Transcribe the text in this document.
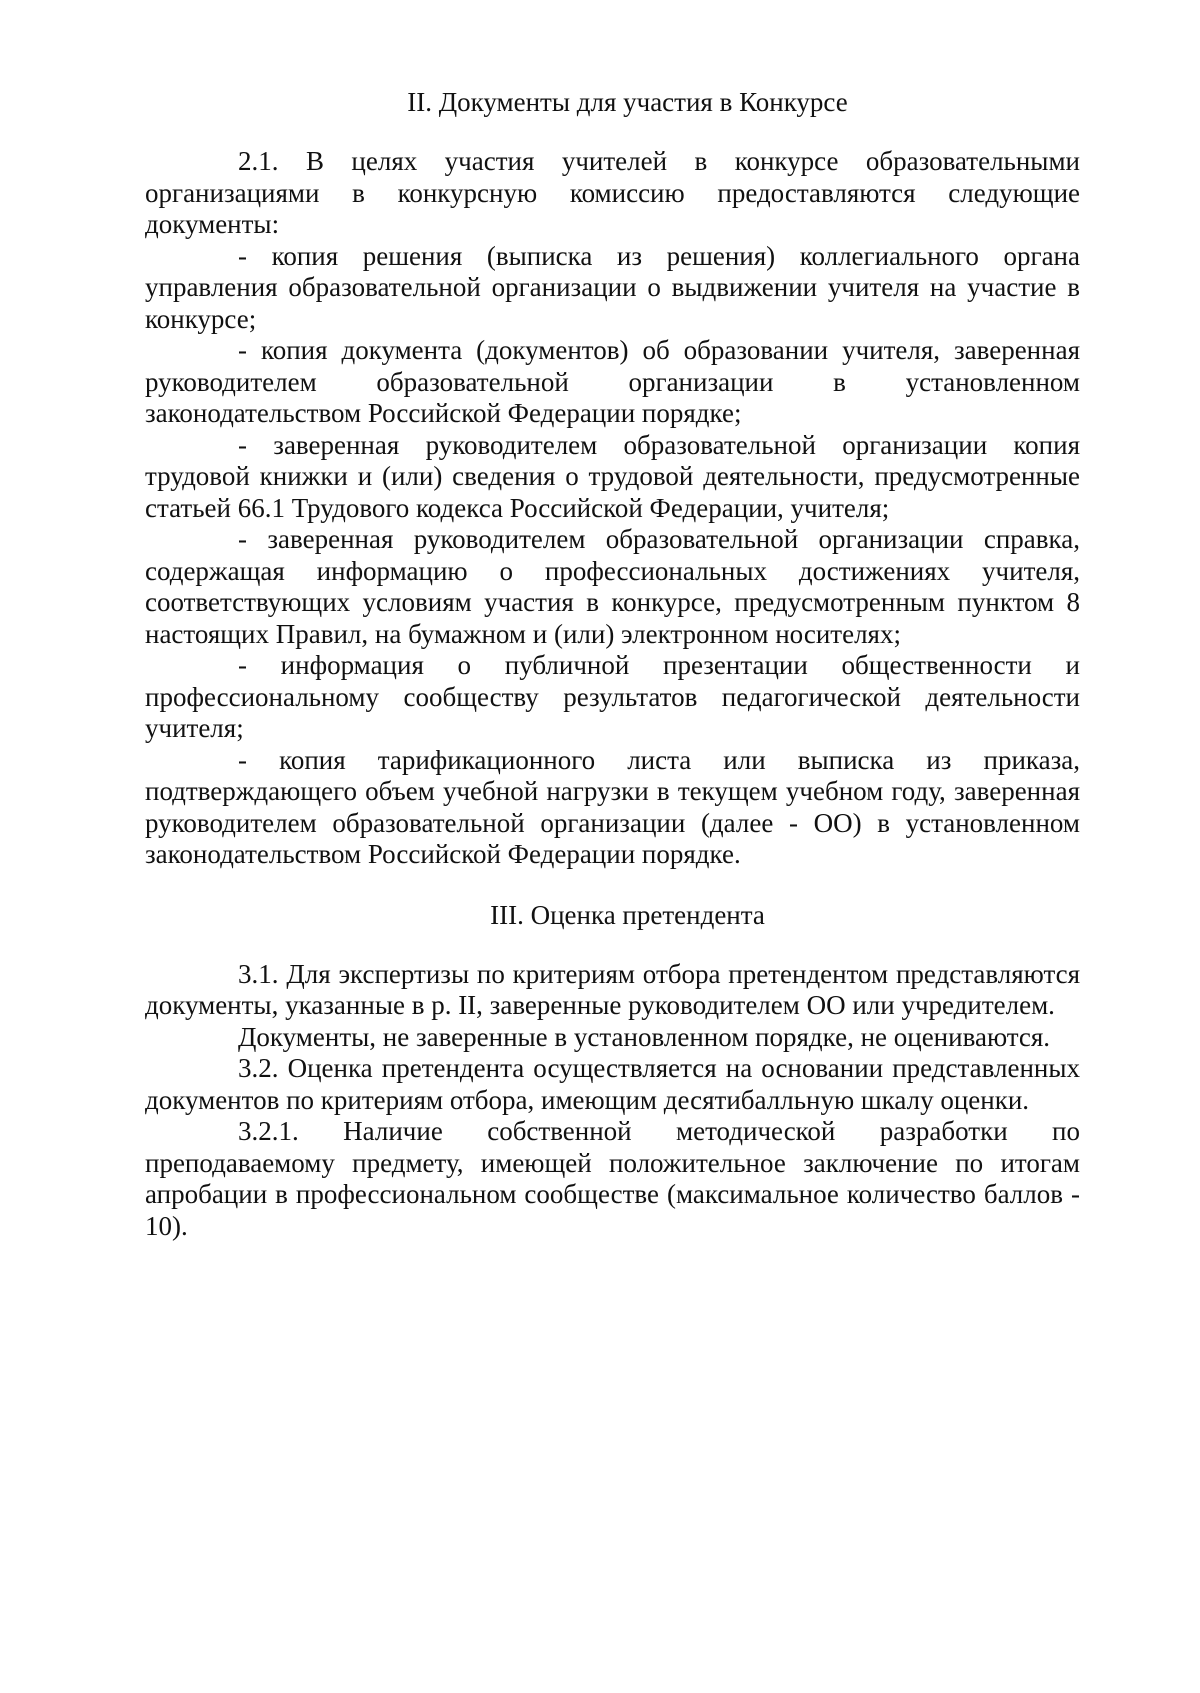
II. Документы для участия в Конкурсе

2.1. В целях участия учителей в конкурсе образовательными организациями в конкурсную комиссию предоставляются следующие документы:

- копия решения (выписка из решения) коллегиального органа управления образовательной организации о выдвижении учителя на участие в конкурсе;

- копия документа (документов) об образовании учителя, заверенная руководителем образовательной организации в установленном законодательством Российской Федерации порядке;

- заверенная руководителем образовательной организации копия трудовой книжки и (или) сведения о трудовой деятельности, предусмотренные статьей 66.1 Трудового кодекса Российской Федерации, учителя;

- заверенная руководителем образовательной организации справка, содержащая информацию о профессиональных достижениях учителя, соответствующих условиям участия в конкурсе, предусмотренным пунктом 8 настоящих Правил, на бумажном и (или) электронном носителях;

- информация о публичной презентации общественности и профессиональному сообществу результатов педагогической деятельности учителя;

- копия тарификационного листа или выписка из приказа, подтверждающего объем учебной нагрузки в текущем учебном году, заверенная руководителем образовательной организации (далее - ОО) в установленном законодательством Российской Федерации порядке.

III. Оценка претендента

3.1. Для экспертизы по критериям отбора претендентом представляются документы, указанные в р. II, заверенные руководителем ОО или учредителем.

Документы, не заверенные в установленном порядке, не оцениваются.

3.2. Оценка претендента осуществляется на основании представленных документов по критериям отбора, имеющим десятибалльную шкалу оценки.

3.2.1. Наличие собственной методической разработки по преподаваемому предмету, имеющей положительное заключение по итогам апробации в профессиональном сообществе (максимальное количество баллов - 10).
